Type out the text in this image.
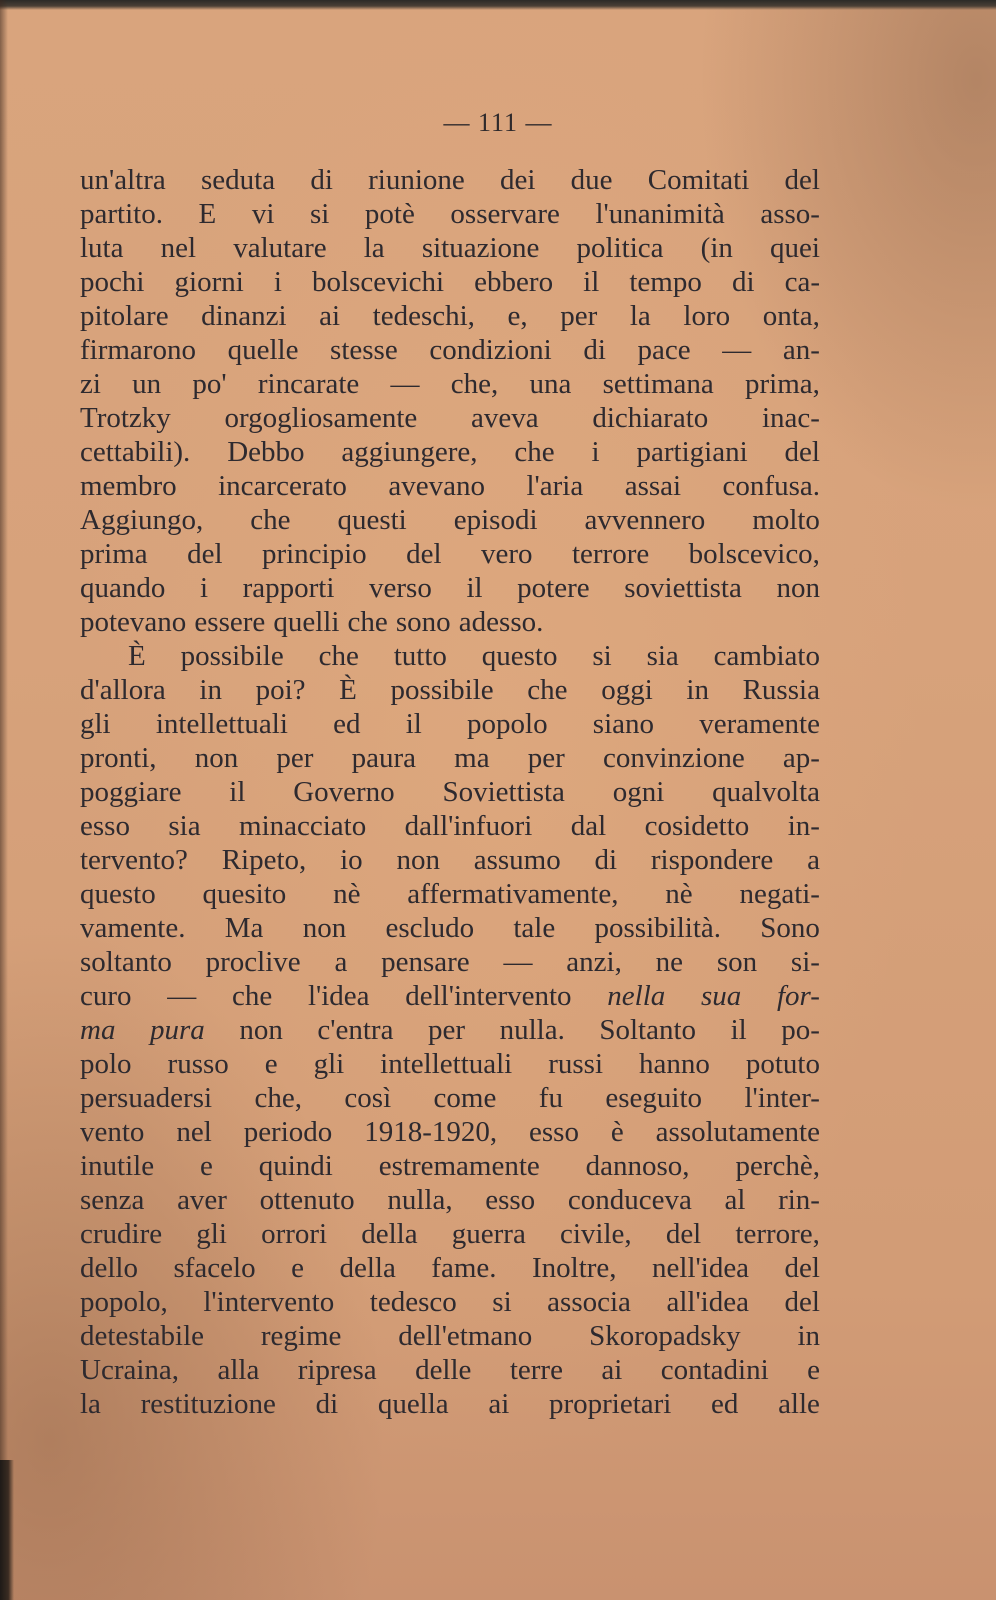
— 111 —
un'altra seduta di riunione dei due Comitati del
partito. E vi si potè osservare l'unanimità asso-
luta nel valutare la situazione politica (in quei
pochi giorni i bolscevichi ebbero il tempo di ca-
pitolare dinanzi ai tedeschi, e, per la loro onta,
firmarono quelle stesse condizioni di pace — an-
zi un po' rincarate — che, una settimana prima,
Trotzky orgogliosamente aveva dichiarato inac-
cettabili). Debbo aggiungere, che i partigiani del
membro incarcerato avevano l'aria assai confusa.
Aggiungo, che questi episodi avvennero molto
prima del principio del vero terrore bolscevico,
quando i rapporti verso il potere soviettista non
potevano essere quelli che sono adesso.
È possibile che tutto questo si sia cambiato
d'allora in poi? È possibile che oggi in Russia
gli intellettuali ed il popolo siano veramente
pronti, non per paura ma per convinzione ap-
poggiare il Governo Soviettista ogni qualvolta
esso sia minacciato dall'infuori dal cosidetto in-
tervento? Ripeto, io non assumo di rispondere a
questo quesito nè affermativamente, nè negati-
vamente. Ma non escludo tale possibilità. Sono
soltanto proclive a pensare — anzi, ne son si-
curo — che l'idea dell'intervento nella sua for-
ma pura non c'entra per nulla. Soltanto il po-
polo russo e gli intellettuali russi hanno potuto
persuadersi che, così come fu eseguito l'inter-
vento nel periodo 1918-1920, esso è assolutamente
inutile e quindi estremamente dannoso, perchè,
senza aver ottenuto nulla, esso conduceva al rin-
crudire gli orrori della guerra civile, del terrore,
dello sfacelo e della fame. Inoltre, nell'idea del
popolo, l'intervento tedesco si associa all'idea del
detestabile regime dell'etmano Skoropadsky in
Ucraina, alla ripresa delle terre ai contadini e
la restituzione di quella ai proprietari ed alle
